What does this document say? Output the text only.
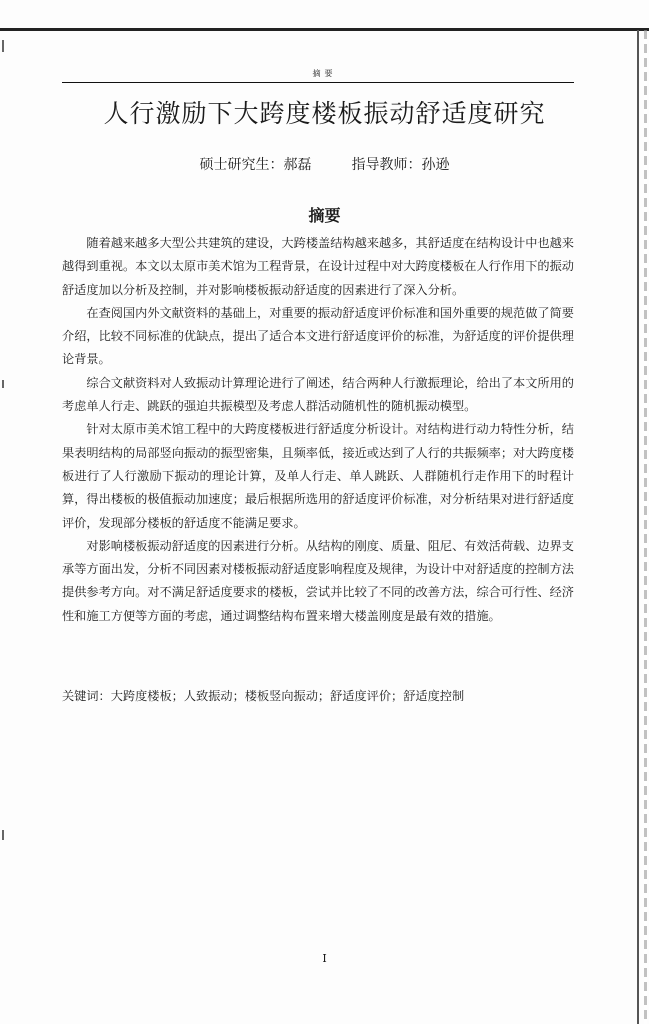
摘要
人行激励下大跨度楼板振动舒适度研究
硕士研究生：郝磊	指导教师：孙逊
摘要

随着越来越多大型公共建筑的建设，大跨楼盖结构越来越多，其舒适度在结构设计中也越来越得到重视。本文以太原市美术馆为工程背景，在设计过程中对大跨度楼板在人行作用下的振动舒适度加以分析及控制，并对影响楼板振动舒适度的因素进行了深入分析。

在查阅国内外文献资料的基础上，对重要的振动舒适度评价标准和国外重要的规范做了简要介绍，比较不同标准的优缺点，提出了适合本文进行舒适度评价的标准，为舒适度的评价提供理论背景。

综合文献资料对人致振动计算理论进行了阐述，结合两种人行激振理论，给出了本文所用的考虑单人行走、跳跃的强迫共振模型及考虑人群活动随机性的随机振动模型。

针对太原市美术馆工程中的大跨度楼板进行舒适度分析设计。对结构进行动力特性分析，结果表明结构的局部竖向振动的振型密集，且频率低，接近或达到了人行的共振频率；对大跨度楼板进行了人行激励下振动的理论计算，及单人行走、单人跳跃、人群随机行走作用下的时程计算，得出楼板的极值振动加速度；最后根据所选用的舒适度评价标准，对分析结果对进行舒适度评价，发现部分楼板的舒适度不能满足要求。

对影响楼板振动舒适度的因素进行分析。从结构的刚度、质量、阻尼、有效活荷载、边界支承等方面出发，分析不同因素对楼板振动舒适度影响程度及规律，为设计中对舒适度的控制方法提供参考方向。对不满足舒适度要求的楼板，尝试并比较了不同的改善方法，综合可行性、经济性和施工方便等方面的考虑，通过调整结构布置来增大楼盖刚度是最有效的措施。

关键词：大跨度楼板；人致振动；楼板竖向振动；舒适度评价；舒适度控制
I
